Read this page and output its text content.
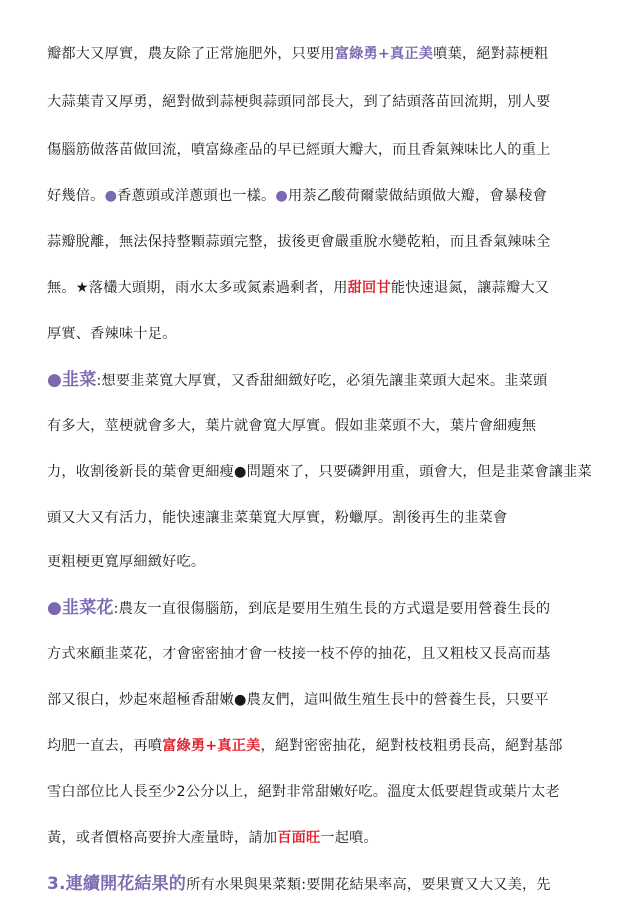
瓣都大又厚實，農友除了正常施肥外，只要用富綠勇+真正美噴葉，絕對蒜梗粗
大蒜葉青又厚勇，絕對做到蒜梗與蒜頭同部長大，到了結頭落苗回流期，別人要
傷腦筋做落苗做回流，噴富綠產品的早已經頭大瓣大，而且香氣辣味比人的重上
好幾倍。●香蔥頭或洋蔥頭也一樣。●用萘乙酸荷爾蒙做結頭做大瓣，會暴稜會
蒜瓣脫離，無法保持整顆蒜頭完整，拔後更會嚴重脫水變乾粕，而且香氣辣味全
無。★落欉大頭期，雨水太多或氮素過剩者，用甜回甘能快速退氮，讓蒜瓣大又
厚實、香辣味十足。
●韭菜:想要韭菜寬大厚實，又香甜細緻好吃，必須先讓韭菜頭大起來。韭菜頭
有多大，莖梗就會多大，葉片就會寬大厚實。假如韭菜頭不大，葉片會細瘦無
力，收割後新長的葉會更細瘦●問題來了，只要磷鉀用重，頭會大，但是韭菜會讓韭菜
頭又大又有活力，能快速讓韭菜葉寬大厚實，粉蠟厚。割後再生的韭菜會
更粗梗更寬厚細緻好吃。
●韭菜花:農友一直很傷腦筋，到底是要用生殖生長的方式還是要用營養生長的
方式來顧韭菜花，才會密密抽才會一枝接一枝不停的抽花，且又粗枝又長高而基
部又很白，炒起來超極香甜嫩●農友們，這叫做生殖生長中的營養生長，只要平
均肥一直去，再噴富綠勇+真正美，絕對密密抽花，絕對枝枝粗勇長高，絕對基部
雪白部位比人長至少2公分以上，絕對非常甜嫩好吃。溫度太低要趕貨或葉片太老
黃，或者價格高要拚大產量時，請加百面旺一起噴。
3.連續開花結果的所有水果與果菜類:要開花結果率高，要果實又大又美，先
